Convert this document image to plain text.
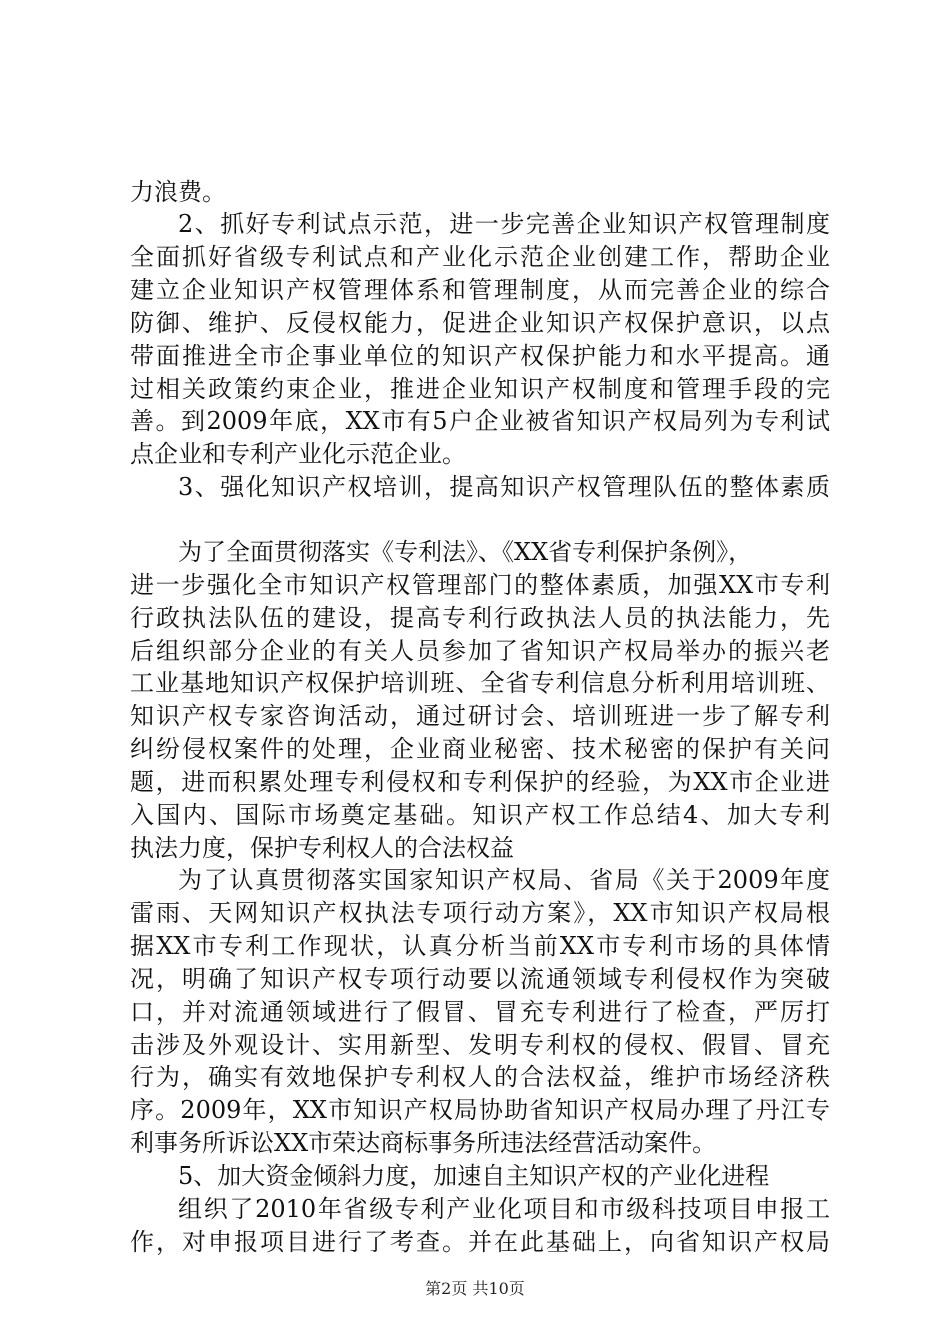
力浪费。
2、抓好专利试点示范，进一步完善企业知识产权管理制度
全面抓好省级专利试点和产业化示范企业创建工作，帮助企业
建立企业知识产权管理体系和管理制度，从而完善企业的综合
防御、维护、反侵权能力，促进企业知识产权保护意识，以点
带面推进全市企事业单位的知识产权保护能力和水平提高。通
过相关政策约束企业，推进企业知识产权制度和管理手段的完
善。到2009年底，XX市有5户企业被省知识产权局列为专利试
点企业和专利产业化示范企业。
3、强化知识产权培训，提高知识产权管理队伍的整体素质
为了全面贯彻落实《专利法》、《XX省专利保护条例》，
进一步强化全市知识产权管理部门的整体素质，加强XX市专利
行政执法队伍的建设，提高专利行政执法人员的执法能力，先
后组织部分企业的有关人员参加了省知识产权局举办的振兴老
工业基地知识产权保护培训班、全省专利信息分析利用培训班、
知识产权专家咨询活动，通过研讨会、培训班进一步了解专利
纠纷侵权案件的处理，企业商业秘密、技术秘密的保护有关问
题，进而积累处理专利侵权和专利保护的经验，为XX市企业进
入国内、国际市场奠定基础。知识产权工作总结4、加大专利
执法力度，保护专利权人的合法权益
为了认真贯彻落实国家知识产权局、省局《关于2009年度
雷雨、天网知识产权执法专项行动方案》，XX市知识产权局根
据XX市专利工作现状，认真分析当前XX市专利市场的具体情
况，明确了知识产权专项行动要以流通领域专利侵权作为突破
口，并对流通领域进行了假冒、冒充专利进行了检查，严厉打
击涉及外观设计、实用新型、发明专利权的侵权、假冒、冒充
行为，确实有效地保护专利权人的合法权益，维护市场经济秩
序。2009年，XX市知识产权局协助省知识产权局办理了丹江专
利事务所诉讼XX市荣达商标事务所违法经营活动案件。
5、加大资金倾斜力度，加速自主知识产权的产业化进程
组织了2010年省级专利产业化项目和市级科技项目申报工
作，对申报项目进行了考查。并在此基础上，向省知识产权局
第2页 共10页
